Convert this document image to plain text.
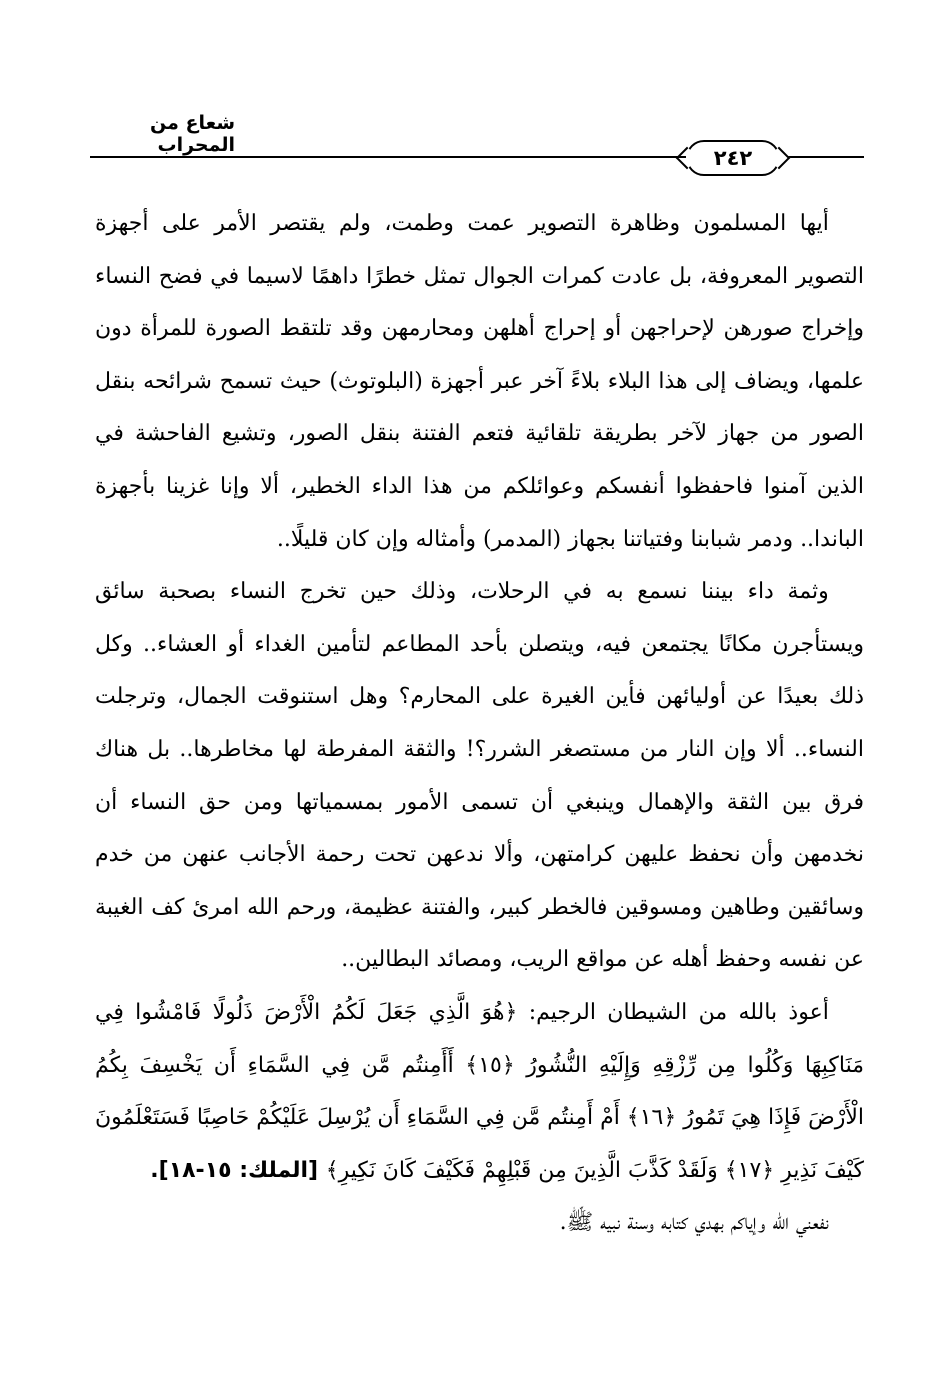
شعاع من المحراب
٢٤٢

أيها المسلمون وظاهرة التصوير عمت وطمت، ولم يقتصر الأمر على أجهزة التصوير المعروفة، بل عادت كمرات الجوال تمثل خطرًا داهمًا لاسيما في فضح النساء وإخراج صورهن لإحراجهن أو إحراج أهلهن ومحارمهن وقد تلتقط الصورة للمرأة دون علمها، ويضاف إلى هذا البلاء بلاءً آخر عبر أجهزة (البلوتوث) حيث تسمح شرائحه بنقل الصور من جهاز لآخر بطريقة تلقائية فتعم الفتنة بنقل الصور، وتشيع الفاحشة في الذين آمنوا فاحفظوا أنفسكم وعوائلكم من هذا الداء الخطير، ألا وإنا غزينا بأجهزة الباندا.. ودمر شبابنا وفتياتنا بجهاز (المدمر) وأمثاله وإن كان قليلًا..

وثمة داء بيننا نسمع به في الرحلات، وذلك حين تخرج النساء بصحبة سائق ويستأجرن مكانًا يجتمعن فيه، ويتصلن بأحد المطاعم لتأمين الغداء أو العشاء.. وكل ذلك بعيدًا عن أوليائهن فأين الغيرة على المحارم؟ وهل استنوقت الجمال، وترجلت النساء.. ألا وإن النار من مستصغر الشرر؟! والثقة المفرطة لها مخاطرها.. بل هناك فرق بين الثقة والإهمال وينبغي أن تسمى الأمور بمسمياتها ومن حق النساء أن نخدمهن وأن نحفظ عليهن كرامتهن، وألا ندعهن تحت رحمة الأجانب عنهن من خدم وسائقين وطاهين ومسوقين فالخطر كبير، والفتنة عظيمة، ورحم الله امرئ كف الغيبة عن نفسه وحفظ أهله عن مواقع الريب، ومصائد البطالين..

أعوذ بالله من الشيطان الرجيم: ﴿هُوَ الَّذِي جَعَلَ لَكُمُ الْأَرْضَ ذَلُولًا فَامْشُوا فِي مَنَاكِبِهَا وَكُلُوا مِن رِّزْقِهِ وَإِلَيْهِ النُّشُورُ ﴿١٥﴾ أَأَمِنتُم مَّن فِي السَّمَاءِ أَن يَخْسِفَ بِكُمُ الْأَرْضَ فَإِذَا هِيَ تَمُورُ ﴿١٦﴾ أَمْ أَمِنتُم مَّن فِي السَّمَاءِ أَن يُرْسِلَ عَلَيْكُمْ حَاصِبًا فَسَتَعْلَمُونَ كَيْفَ نَذِيرِ ﴿١٧﴾ وَلَقَدْ كَذَّبَ الَّذِينَ مِن قَبْلِهِمْ فَكَيْفَ كَانَ نَكِيرِ﴾ [الملك: ١٥-١٨].

نفعني الله وإياكم بهدي كتابه وسنة نبيه ﷺ.
